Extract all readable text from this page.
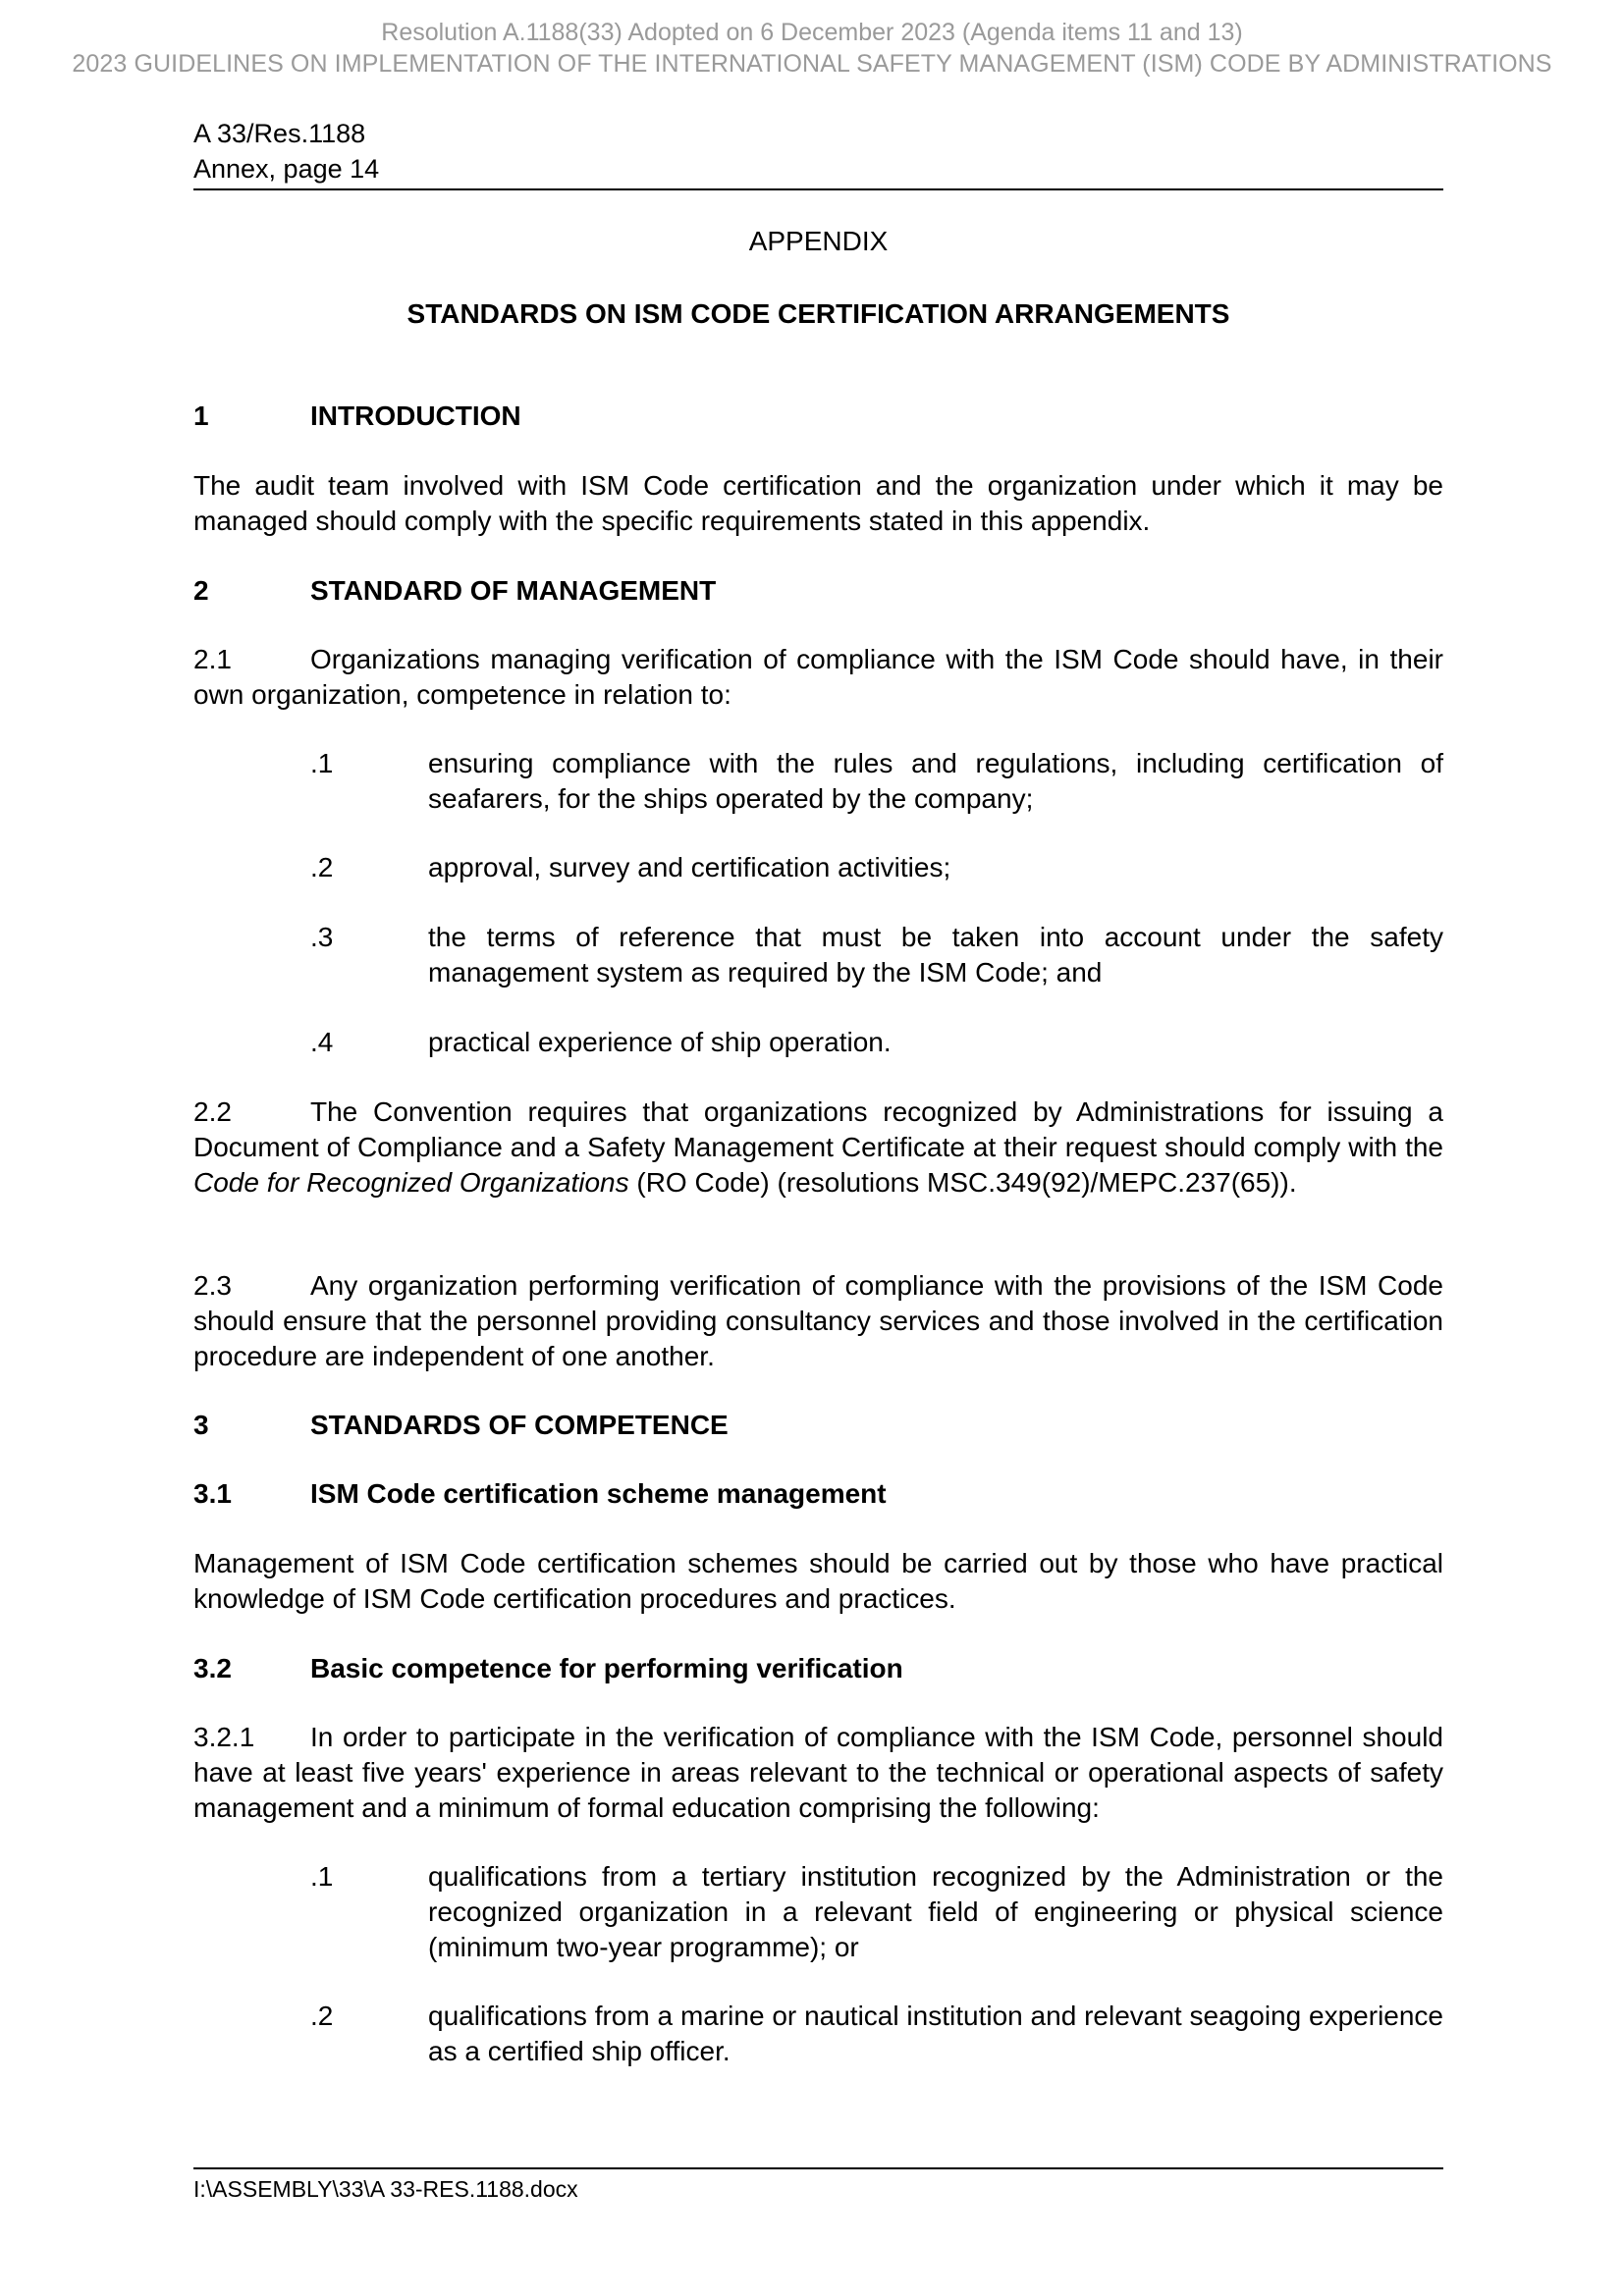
Resolution A.1188(33) Adopted on 6 December 2023 (Agenda items 11 and 13)
2023 GUIDELINES ON IMPLEMENTATION OF THE INTERNATIONAL SAFETY MANAGEMENT (ISM) CODE BY ADMINISTRATIONS
A 33/Res.1188
Annex, page 14
APPENDIX
STANDARDS ON ISM CODE CERTIFICATION ARRANGEMENTS
1	INTRODUCTION
The audit team involved with ISM Code certification and the organization under which it may be managed should comply with the specific requirements stated in this appendix.
2	STANDARD OF MANAGEMENT
2.1	Organizations managing verification of compliance with the ISM Code should have, in their own organization, competence in relation to:
.1	ensuring compliance with the rules and regulations, including certification of seafarers, for the ships operated by the company;
.2	approval, survey and certification activities;
.3	the terms of reference that must be taken into account under the safety management system as required by the ISM Code; and
.4	practical experience of ship operation.
2.2	The Convention requires that organizations recognized by Administrations for issuing a Document of Compliance and a Safety Management Certificate at their request should comply with the Code for Recognized Organizations (RO Code) (resolutions MSC.349(92)/MEPC.237(65)).
2.3	Any organization performing verification of compliance with the provisions of the ISM Code should ensure that the personnel providing consultancy services and those involved in the certification procedure are independent of one another.
3	STANDARDS OF COMPETENCE
3.1	ISM Code certification scheme management
Management of ISM Code certification schemes should be carried out by those who have practical knowledge of ISM Code certification procedures and practices.
3.2	Basic competence for performing verification
3.2.1 In order to participate in the verification of compliance with the ISM Code, personnel should have at least five years' experience in areas relevant to the technical or operational aspects of safety management and a minimum of formal education comprising the following:
.1	qualifications from a tertiary institution recognized by the Administration or the recognized organization in a relevant field of engineering or physical science (minimum two-year programme); or
.2	qualifications from a marine or nautical institution and relevant seagoing experience as a certified ship officer.
I:\ASSEMBLY\33\A 33-RES.1188.docx
